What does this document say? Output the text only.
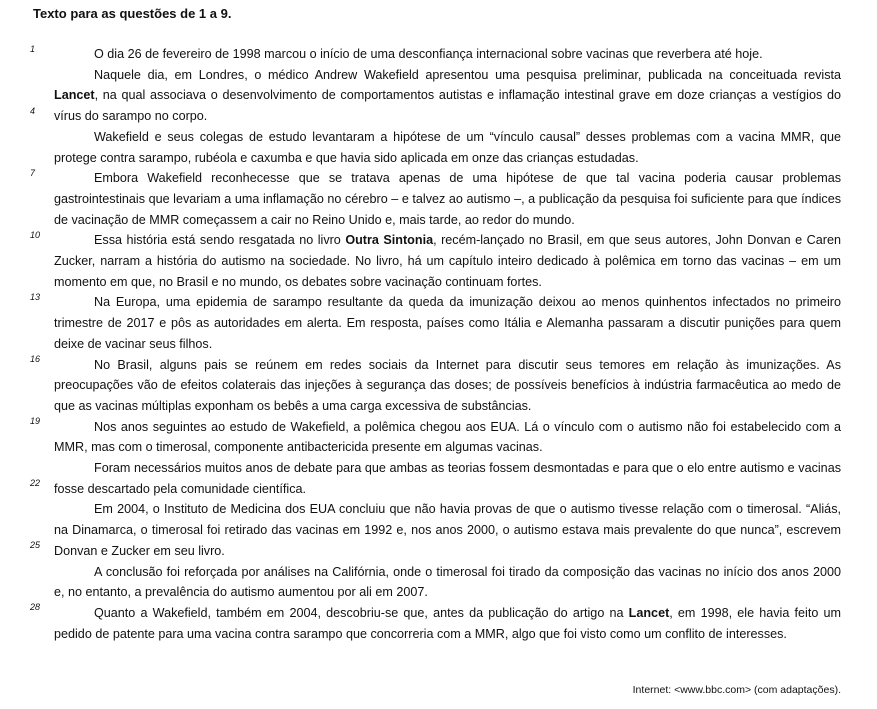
Texto para as questões de 1 a 9.
1
4
7
10
13
16
19
22
25
28

O dia 26 de fevereiro de 1998 marcou o início de uma desconfiança internacional sobre vacinas que reverbera até hoje.

Naquele dia, em Londres, o médico Andrew Wakefield apresentou uma pesquisa preliminar, publicada na conceituada revista Lancet, na qual associava o desenvolvimento de comportamentos autistas e inflamação intestinal grave em doze crianças a vestígios do vírus do sarampo no corpo.

Wakefield e seus colegas de estudo levantaram a hipótese de um “vínculo causal” desses problemas com a vacina MMR, que protege contra sarampo, rubéola e caxumba e que havia sido aplicada em onze das crianças estudadas.

Embora Wakefield reconhecesse que se tratava apenas de uma hipótese de que tal vacina poderia causar problemas gastrointestinais que levariam a uma inflamação no cérebro – e talvez ao autismo –, a publicação da pesquisa foi suficiente para que índices de vacinação de MMR começassem a cair no Reino Unido e, mais tarde, ao redor do mundo.

Essa história está sendo resgatada no livro Outra Sintonia, recém-lançado no Brasil, em que seus autores, John Donvan e Caren Zucker, narram a história do autismo na sociedade. No livro, há um capítulo inteiro dedicado à polêmica em torno das vacinas – em um momento em que, no Brasil e no mundo, os debates sobre vacinação continuam fortes.

Na Europa, uma epidemia de sarampo resultante da queda da imunização deixou ao menos quinhentos infectados no primeiro trimestre de 2017 e pôs as autoridades em alerta. Em resposta, países como Itália e Alemanha passaram a discutir punições para quem deixe de vacinar seus filhos.

No Brasil, alguns pais se reúnem em redes sociais da Internet para discutir seus temores em relação às imunizações. As preocupações vão de efeitos colaterais das injeções à segurança das doses; de possíveis benefícios à indústria farmacêutica ao medo de que as vacinas múltiplas exponham os bebês a uma carga excessiva de substâncias.

Nos anos seguintes ao estudo de Wakefield, a polêmica chegou aos EUA. Lá o vínculo com o autismo não foi estabelecido com a MMR, mas com o timerosal, componente antibactericida presente em algumas vacinas.

Foram necessários muitos anos de debate para que ambas as teorias fossem desmontadas e para que o elo entre autismo e vacinas fosse descartado pela comunidade científica.

Em 2004, o Instituto de Medicina dos EUA concluiu que não havia provas de que o autismo tivesse relação com o timerosal. “Aliás, na Dinamarca, o timerosal foi retirado das vacinas em 1992 e, nos anos 2000, o autismo estava mais prevalente do que nunca”, escrevem Donvan e Zucker em seu livro.

A conclusão foi reforçada por análises na Califórnia, onde o timerosal foi tirado da composição das vacinas no início dos anos 2000 e, no entanto, a prevalência do autismo aumentou por ali em 2007.

Quanto a Wakefield, também em 2004, descobriu-se que, antes da publicação do artigo na Lancet, em 1998, ele havia feito um pedido de patente para uma vacina contra sarampo que concorreria com a MMR, algo que foi visto como um conflito de interesses.

Internet: <www.bbc.com> (com adaptações).
